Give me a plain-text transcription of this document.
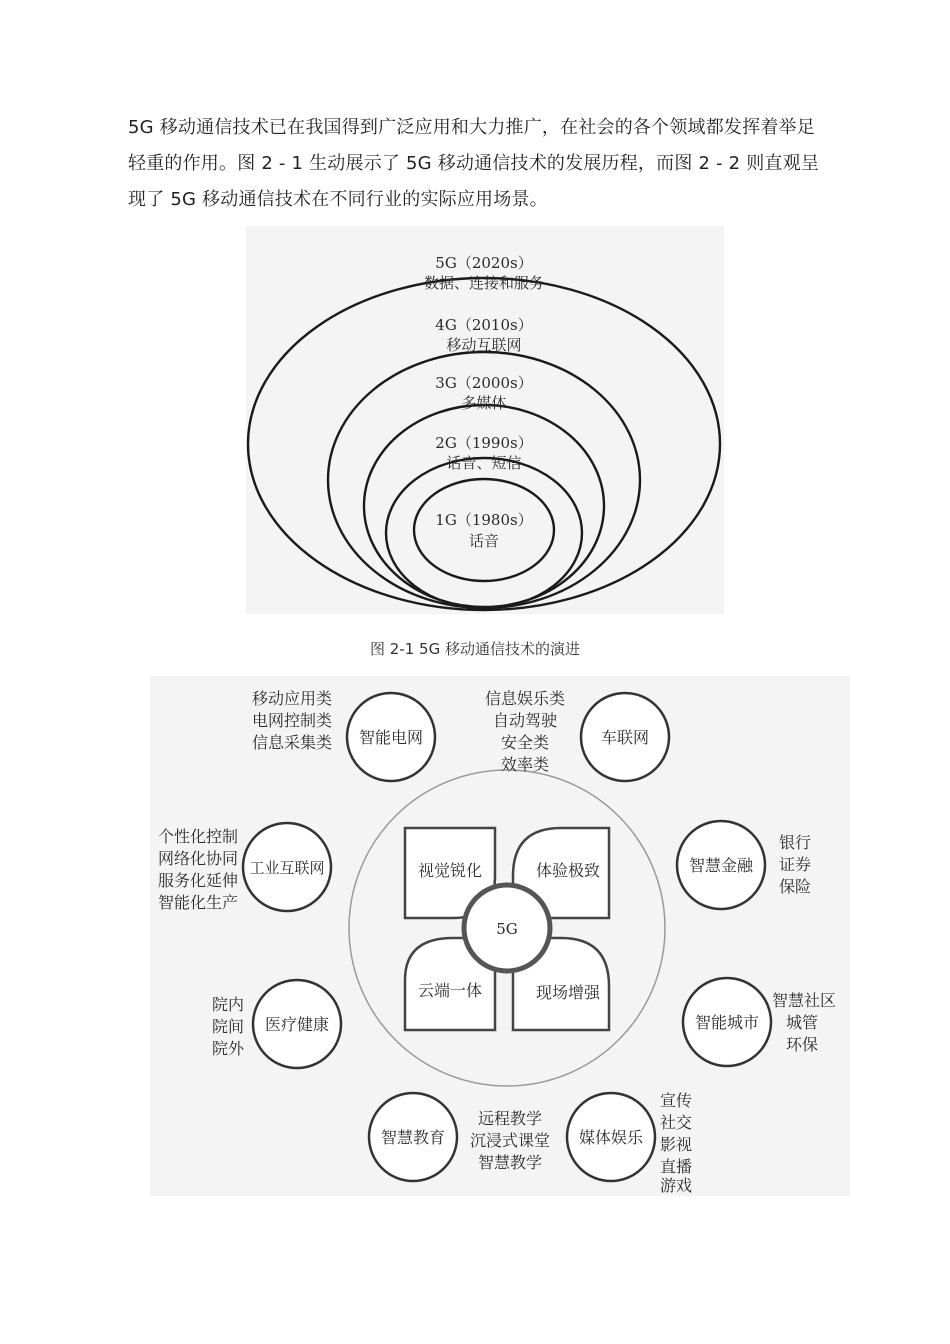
5G 移动通信技术已在我国得到广泛应用和大力推广，在社会的各个领域都发挥着举足
轻重的作用。图 2 - 1 生动展示了 5G 移动通信技术的发展历程，而图 2 - 2 则直观呈
现了 5G 移动通信技术在不同行业的实际应用场景。
5G（2020s）
数据、连接和服务
4G（2010s）
移动互联网
3G（2000s）
多媒体
2G（1990s）
话音、短信
1G（1980s）
话音
图 2-1 5G 移动通信技术的演进
视觉锐化	体验极致
云端一体	现场增强
5G
智能电网	车联网
工业互联网	智慧金融
医疗健康	智能城市
智慧教育	媒体娱乐
移动应用类
电网控制类
信息采集类
个性化控制
网络化协同
服务化延伸
智能化生产
院内
院间
院外
信息娱乐类
自动驾驶
安全类
效率类
远程教学
沉浸式课堂
智慧教学
银行
证券
保险
智慧社区
城管
环保
宣传
社交
影视
直播
游戏
